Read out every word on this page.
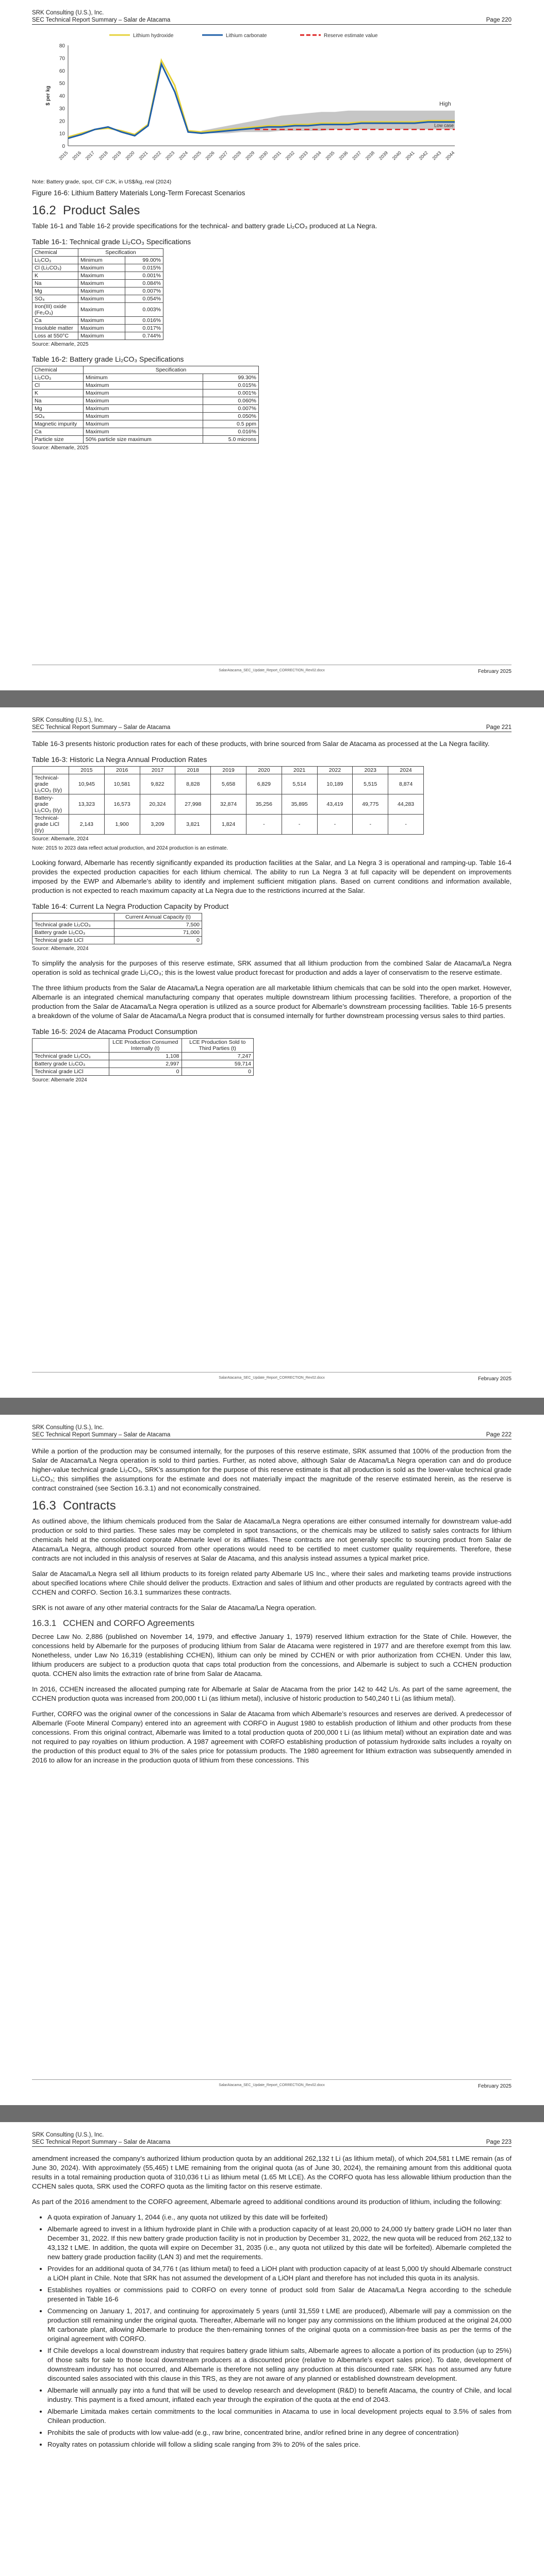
SRK Consulting (U.S.), Inc.
SEC Technical Report Summary – Salar de Atacama	Page 220
Lithium hydroxide	Lithium carbonate	Reserve estimate value
0
10
20
30
40
50
60
70
80
$ per kg
2015 2016 2017 2018 2019 2020 2021 2022 2023 2024 2025 2026 2027 2028 2029 2030 2031 2032 2033 2034 2035 2036 2037 2038 2039 2040 2041 2042 2043 2044
High
Low case
Note: Battery grade, spot, CIF CJK, in US$/kg, real (2024)
Figure 16-6: Lithium Battery Materials Long-Term Forecast Scenarios
16.2 Product Sales

Table 16-1 and Table 16-2 provide specifications for the technical- and battery grade Li₂CO₃ produced at La Negra.

Table 16-1: Technical grade Li₂CO₃ Specifications
Chemical	Specification	
Li₂CO₃	Minimum	99.00%
Cl (Li₂CO₃)	Maximum	0.015%
K	Maximum	0.001%
Na	Maximum	0.084%
Mg	Maximum	0.007%
SO₄	Maximum	0.054%
Iron(III) oxide (Fe₂O₃)	Maximum	0.003%
Ca	Maximum	0.016%
Insoluble matter	Maximum	0.017%
Loss at 550°C	Maximum	0.744%
Source: Albemarle, 2025
Table 16-2: Battery grade Li₂CO₃ Specifications
Chemical	Specification	
Li₂CO₃	Minimum	99.30%
Cl	Maximum	0.015%
K	Maximum	0.001%
Na	Maximum	0.060%
Mg	Maximum	0.007%
SO₄	Maximum	0.050%
Magnetic impurity	Maximum	0.5 ppm
Ca	Maximum	0.016%
Particle size	50% particle size maximum	5.0 microns
Source: Albemarle, 2025
SalarAtacama_SEC_Update_Report_CORRECTION_Rev02.docx	February 2025
SRK Consulting (U.S.), Inc.
SEC Technical Report Summary – Salar de Atacama	Page 221

Table 16-3 presents historic production rates for each of these products, with brine sourced from Salar de Atacama as processed at the La Negra facility.

Table 16-3: Historic La Negra Annual Production Rates
	2015	2016	2017	2018	2019	2020	2021	2022	2023	2024
Technical-grade Li₂CO₃ (t/y)	10,945	10,581	9,822	8,828	5,658	6,829	5,514	10,189	5,515	8,874
Battery-grade Li₂CO₃ (t/y)	13,323	16,573	20,324	27,998	32,874	35,256	35,895	43,419	49,775	44,283
Technical-grade LiCl (t/y)	2,143	1,900	3,209	3,821	1,824	-	-	-	-	-
Source: Albemarle, 2024
Note: 2015 to 2023 data reflect actual production, and 2024 production is an estimate.

Looking forward, Albemarle has recently significantly expanded its production facilities at the Salar, and La Negra 3 is operational and ramping-up. Table 16-4 provides the expected production capacities for each lithium chemical. The ability to run La Negra 3 at full capacity will be dependent on improvements imposed by the EWP and Albemarle’s ability to identify and implement sufficient mitigation plans. Based on current conditions and information available, production is not expected to reach maximum capacity at La Negra due to the restrictions incurred at the Salar.

Table 16-4: Current La Negra Production Capacity by Product
	Current Annual Capacity (t)
Technical grade Li₂CO₃	7,500
Battery grade Li₂CO₃	71,000
Technical grade LiCl	0
Source: Albemarle, 2024

To simplify the analysis for the purposes of this reserve estimate, SRK assumed that all lithium production from the combined Salar de Atacama/La Negra operation is sold as technical grade Li₂CO₃; this is the lowest value product forecast for production and adds a layer of conservatism to the reserve estimate.

The three lithium products from the Salar de Atacama/La Negra operation are all marketable lithium chemicals that can be sold into the open market. However, Albemarle is an integrated chemical manufacturing company that operates multiple downstream lithium processing facilities. Therefore, a proportion of the production from the Salar de Atacama/La Negra operation is utilized as a source product for Albemarle’s downstream processing facilities. Table 16-5 presents a breakdown of the volume of Salar de Atacama/La Negra product that is consumed internally for further downstream processing versus sales to third parties.

Table 16-5: 2024 de Atacama Product Consumption
	LCE Production Consumed Internally (t)	LCE Production Sold to Third Parties (t)
Technical grade Li₂CO₃	1,108	7,247
Battery grade Li₂CO₃	2,997	59,714
Technical grade LiCl	0	0
Source: Albemarle 2024
SalarAtacama_SEC_Update_Report_CORRECTION_Rev02.docx	February 2025
SRK Consulting (U.S.), Inc.
SEC Technical Report Summary – Salar de Atacama	Page 222

While a portion of the production may be consumed internally, for the purposes of this reserve estimate, SRK assumed that 100% of the production from the Salar de Atacama/La Negra operation is sold to third parties. Further, as noted above, although Salar de Atacama/La Negra operation can and do produce higher-value technical grade Li₂CO₃, SRK’s assumption for the purpose of this reserve estimate is that all production is sold as the lower-value technical grade Li₂CO₃; this simplifies the assumptions for the estimate and does not materially impact the magnitude of the reserve estimated herein, as the reserve is contract constrained (see Section 16.3.1) and not economically constrained.

16.3 Contracts

As outlined above, the lithium chemicals produced from the Salar de Atacama/La Negra operations are either consumed internally for downstream value-add production or sold to third parties. These sales may be completed in spot transactions, or the chemicals may be utilized to satisfy sales contracts for lithium chemicals held at the consolidated corporate Albemarle level or its affiliates. These contracts are not generally specific to sourcing product from Salar de Atacama/La Negra, although product sourced from other operations would need to be certified to meet customer quality requirements. Therefore, these contracts are not included in this analysis of reserves at Salar de Atacama, and this analysis instead assumes a typical market price.

Salar de Atacama/La Negra sell all lithium products to its foreign related party Albemarle US Inc., where their sales and marketing teams provide instructions about specified locations where Chile should deliver the products. Extraction and sales of lithium and other products are regulated by contracts agreed with the CCHEN and CORFO. Section 16.3.1 summarizes these contracts.

SRK is not aware of any other material contracts for the Salar de Atacama/La Negra operation.

16.3.1 CCHEN and CORFO Agreements

Decree Law No. 2,886 (published on November 14, 1979, and effective January 1, 1979) reserved lithium extraction for the State of Chile. However, the concessions held by Albemarle for the purposes of producing lithium from Salar de Atacama were registered in 1977 and are therefore exempt from this law. Nonetheless, under Law No 16,319 (establishing CCHEN), lithium can only be mined by CCHEN or with prior authorization from CCHEN. Under this law, lithium producers are subject to a production quota that caps total production from the concessions, and Albemarle is subject to such a CCHEN production quota. CCHEN also limits the extraction rate of brine from Salar de Atacama.

In 2016, CCHEN increased the allocated pumping rate for Albemarle at Salar de Atacama from the prior 142 to 442 L/s. As part of the same agreement, the CCHEN production quota was increased from 200,000 t Li (as lithium metal), inclusive of historic production to 540,240 t Li (as lithium metal).

Further, CORFO was the original owner of the concessions in Salar de Atacama from which Albemarle’s resources and reserves are derived. A predecessor of Albemarle (Foote Mineral Company) entered into an agreement with CORFO in August 1980 to establish production of lithium and other products from these concessions. From this original contract, Albemarle was limited to a total production quota of 200,000 t Li (as lithium metal) without an expiration date and was not required to pay royalties on lithium production. A 1987 agreement with CORFO establishing production of potassium hydroxide salts includes a royalty on the production of this product equal to 3% of the sales price for potassium products. The 1980 agreement for lithium extraction was subsequently amended in 2016 to allow for an increase in the production quota of lithium from these concessions. This

SalarAtacama_SEC_Update_Report_CORRECTION_Rev02.docx	February 2025
SRK Consulting (U.S.), Inc.
SEC Technical Report Summary – Salar de Atacama	Page 223

amendment increased the company’s authorized lithium production quota by an additional 262,132 t Li (as lithium metal), of which 204,581 t LME remain (as of June 30, 2024). With approximately (55,465) t LME remaining from the original quota (as of June 30, 2024), the remaining amount from this additional quota results in a total remaining production quota of 310,036 t Li as lithium metal (1.65 Mt LCE). As the CORFO quota has less allowable lithium production than the CCHEN sales quota, SRK used the CORFO quota as the limiting factor on this reserve estimate.

As part of the 2016 amendment to the CORFO agreement, Albemarle agreed to additional conditions around its production of lithium, including the following:

• A quota expiration of January 1, 2044 (i.e., any quota not utilized by this date will be forfeited)
• Albemarle agreed to invest in a lithium hydroxide plant in Chile with a production capacity of at least 20,000 to 24,000 t/y battery grade LiOH no later than December 31, 2022. If this new battery grade production facility is not in production by December 31, 2022, the new quota will be reduced from 262,132 to 43,132 t LME. In addition, the quota will expire on December 31, 2035 (i.e., any quota not utilized by this date will be forfeited). Albemarle completed the new battery grade production facility (LAN 3) and met the requirements.
• Provides for an additional quota of 34,776 t (as lithium metal) to feed a LiOH plant with production capacity of at least 5,000 t/y should Albemarle construct a LiOH plant in Chile. Note that SRK has not assumed the development of a LiOH plant and therefore has not included this quota in its analysis.
• Establishes royalties or commissions paid to CORFO on every tonne of product sold from Salar de Atacama/La Negra according to the schedule presented in Table 16-6
• Commencing on January 1, 2017, and continuing for approximately 5 years (until 31,559 t LME are produced), Albemarle will pay a commission on the production still remaining under the original quota. Thereafter, Albemarle will no longer pay any commissions on the lithium produced at the original 24,000 Mt carbonate plant, allowing Albemarle to produce the then-remaining tonnes of the original quota on a commission-free basis as per the terms of the original agreement with CORFO.
• If Chile develops a local downstream industry that requires battery grade lithium salts, Albemarle agrees to allocate a portion of its production (up to 25%) of those salts for sale to those local downstream producers at a discounted price (relative to Albemarle’s export sales price). To date, development of downstream industry has not occurred, and Albemarle is therefore not selling any production at this discounted rate. SRK has not assumed any future discounted sales associated with this clause in this TRS, as they are not aware of any planned or established downstream development.
• Albemarle will annually pay into a fund that will be used to develop research and development (R&D) to benefit Atacama, the country of Chile, and local industry. This payment is a fixed amount, inflated each year through the expiration of the quota at the end of 2043.
• Albemarle Limitada makes certain commitments to the local communities in Atacama to use in local development projects equal to 3.5% of sales from Chilean production.
• Prohibits the sale of products with low value-add (e.g., raw brine, concentrated brine, and/or refined brine in any degree of concentration)
• Royalty rates on potassium chloride will follow a sliding scale ranging from 3% to 20% of the sales price.
